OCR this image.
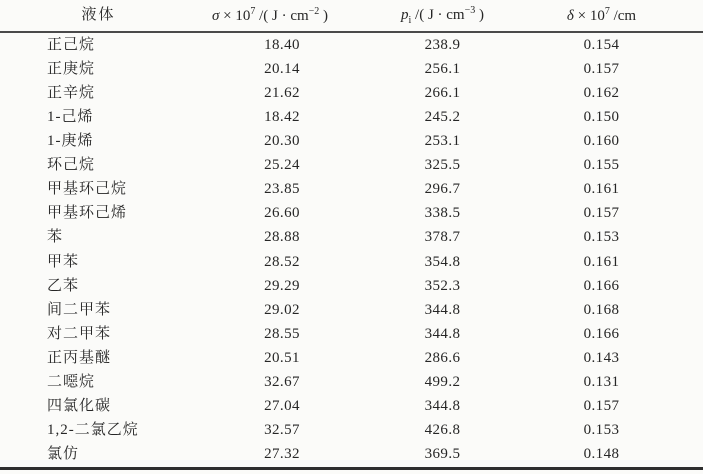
液体	$\sigma \times 10^7$ /( $J \cdot cm^{-2}$ )	$p_i$ /( $J \cdot cm^{-3}$ )	$\delta \times 10^7$ /cm
正己烷	18.40	238.9	0.154
正庚烷	20.14	256.1	0.157
正辛烷	21.62	266.1	0.162
1-己烯	18.42	245.2	0.150
1-庚烯	20.30	253.1	0.160
环己烷	25.24	325.5	0.155
甲基环己烷	23.85	296.7	0.161
甲基环己烯	26.60	338.5	0.157
苯	28.88	378.7	0.153
甲苯	28.52	354.8	0.161
乙苯	29.29	352.3	0.166
间二甲苯	29.02	344.8	0.168
对二甲苯	28.55	344.8	0.166
正丙基醚	20.51	286.6	0.143
二噁烷	32.67	499.2	0.131
四氯化碳	27.04	344.8	0.157
1,2-二氯乙烷	32.57	426.8	0.153
氯仿	27.32	369.5	0.148
